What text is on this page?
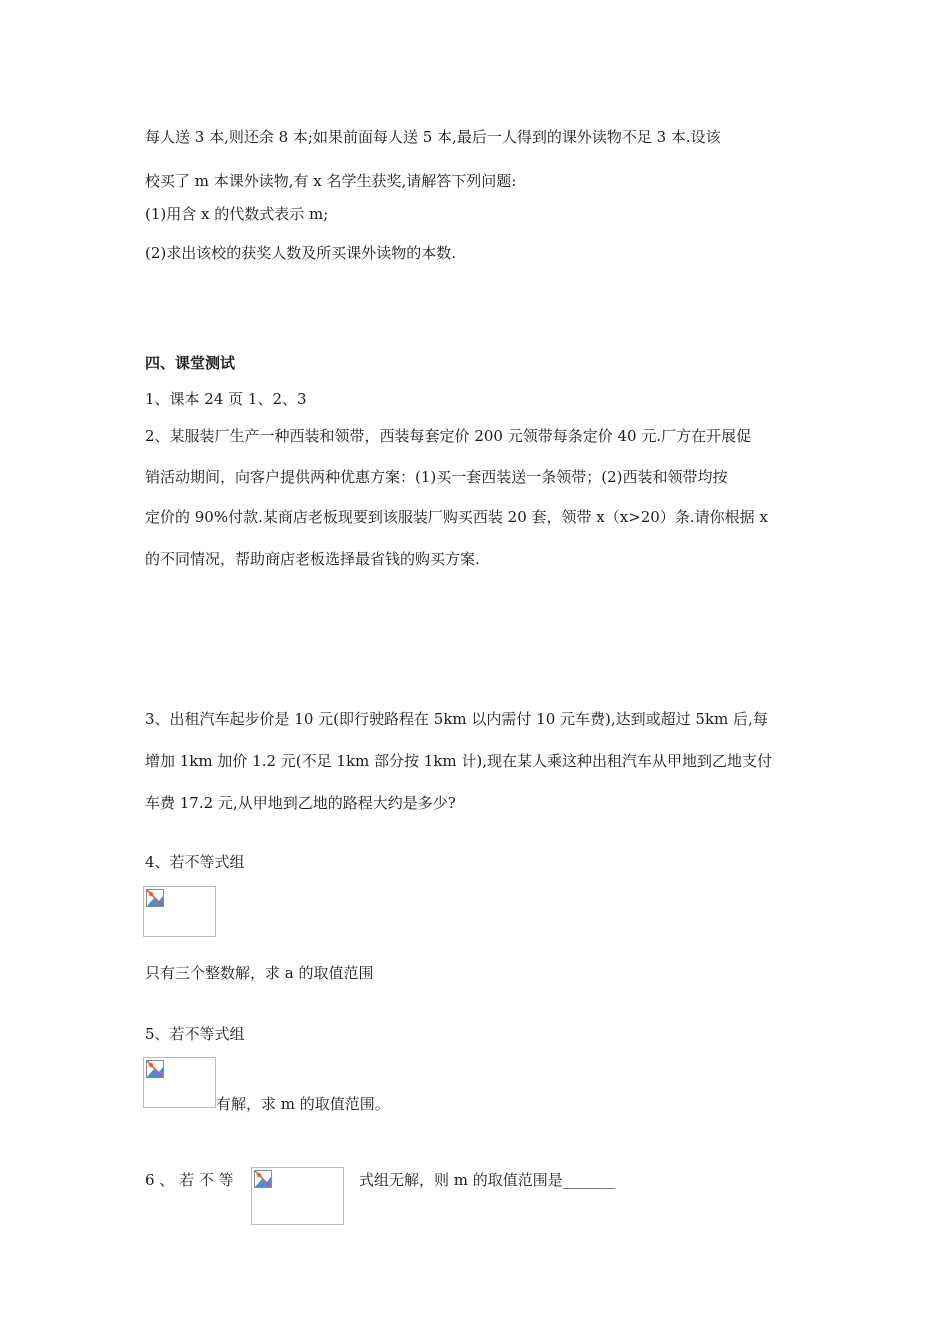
每人送 3 本,则还余 8 本;如果前面每人送 5 本,最后一人得到的课外读物不足 3 本.设该
校买了 m 本课外读物,有 x 名学生获奖,请解答下列问题:
(1)用含 x 的代数式表示 m;
(2)求出该校的获奖人数及所买课外读物的本数.
四、课堂测试
1、课本 24 页 1、2、3
2、某服装厂生产一种西装和领带，西装每套定价 200 元领带每条定价 40 元.厂方在开展促
销活动期间，向客户提供两种优惠方案：(1)买一套西装送一条领带；(2)西装和领带均按
定价的 90%付款.某商店老板现要到该服装厂购买西装 20 套，领带 x（x>20）条.请你根据 x
的不同情况，帮助商店老板选择最省钱的购买方案.
3、出租汽车起步价是 10 元(即行驶路程在 5km 以内需付 10 元车费),达到或超过 5km 后,每
增加 1km 加价 1.2 元(不足 1km 部分按 1km 计),现在某人乘这种出租汽车从甲地到乙地支付
车费 17.2 元,从甲地到乙地的路程大约是多少?
4、若不等式组
只有三个整数解，求 a 的取值范围
5、若不等式组
有解，求 m 的取值范围。
6 、 若 不 等	式组无解，则 m 的取值范围是_______
